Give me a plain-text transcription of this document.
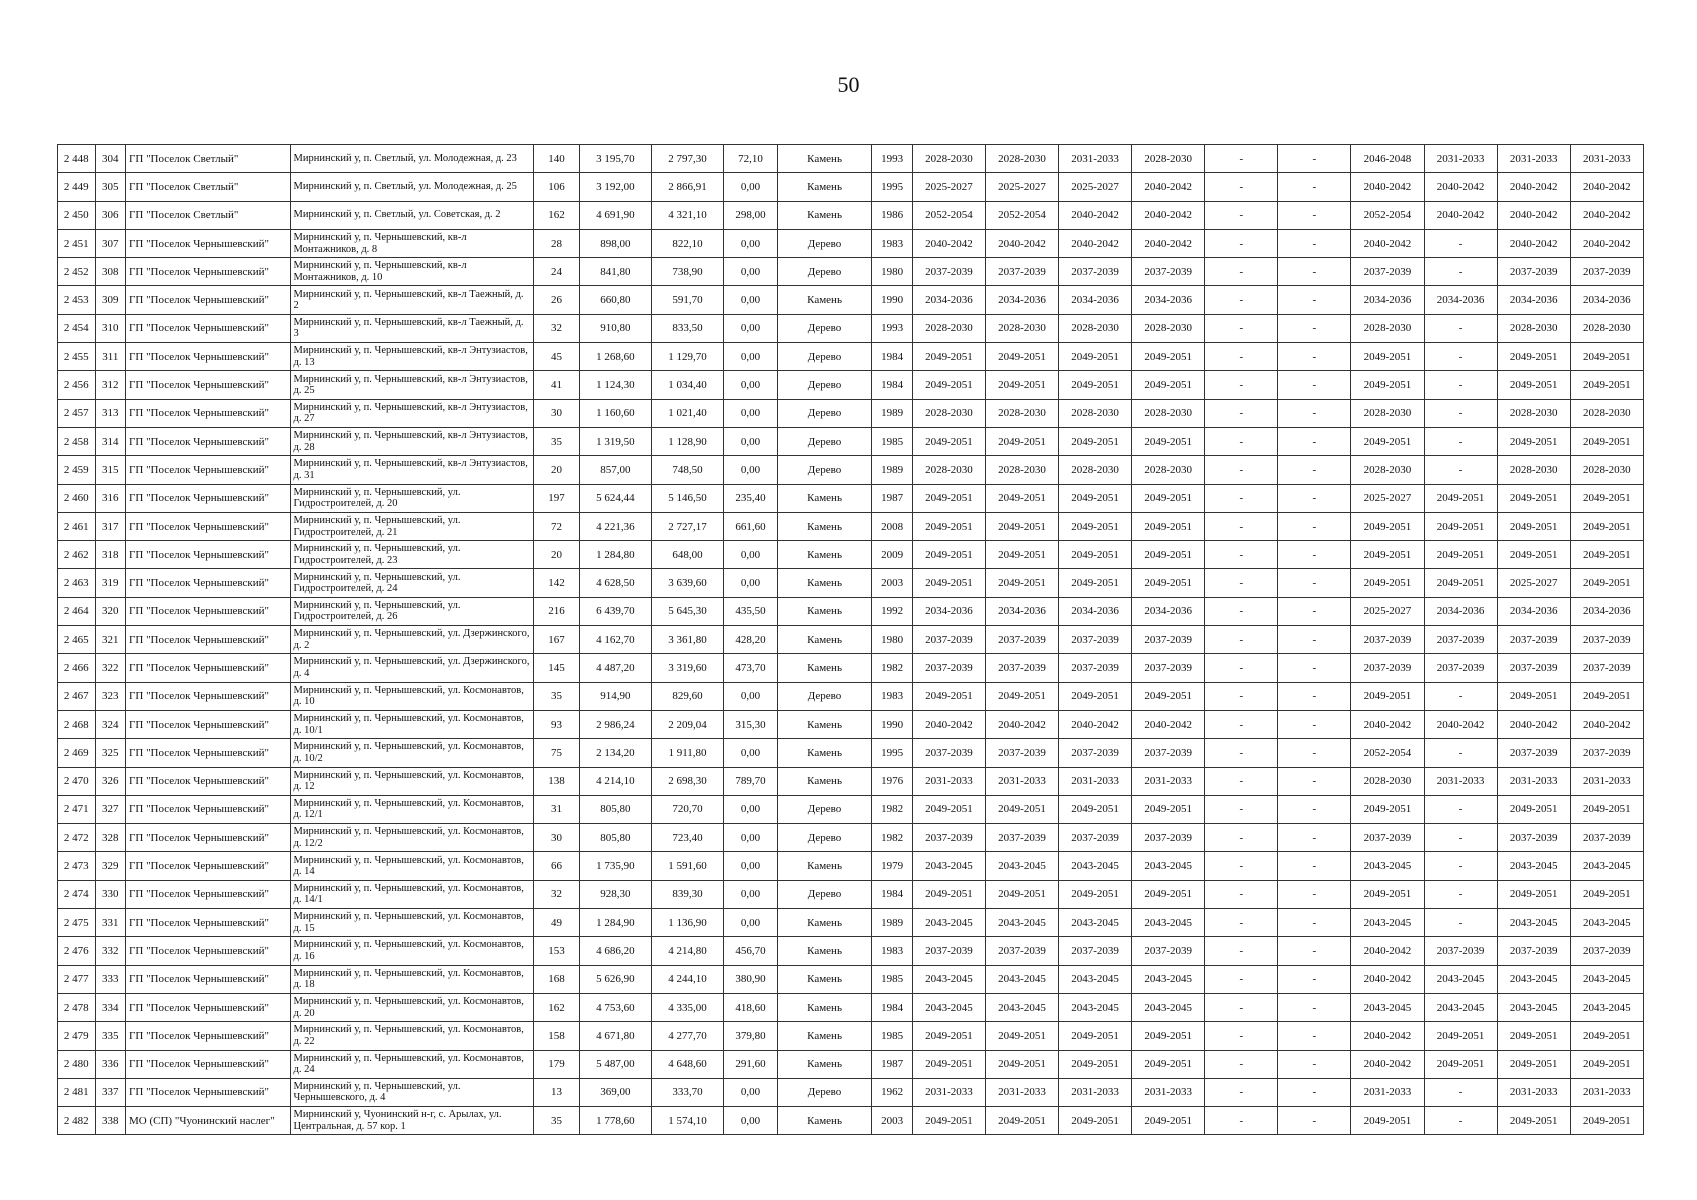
50
2 448	304	ГП "Поселок Светлый"	Мирнинский у, п. Светлый, ул. Молодежная, д. 23	140	3 195,70	2 797,30	72,10	Камень	1993	2028-2030	2028-2030	2031-2033	2028-2030	-	-	2046-2048	2031-2033	2031-2033	2031-2033
2 449	305	ГП "Поселок Светлый"	Мирнинский у, п. Светлый, ул. Молодежная, д. 25	106	3 192,00	2 866,91	0,00	Камень	1995	2025-2027	2025-2027	2025-2027	2040-2042	-	-	2040-2042	2040-2042	2040-2042	2040-2042
2 450	306	ГП "Поселок Светлый"	Мирнинский у, п. Светлый, ул. Советская, д. 2	162	4 691,90	4 321,10	298,00	Камень	1986	2052-2054	2052-2054	2040-2042	2040-2042	-	-	2052-2054	2040-2042	2040-2042	2040-2042
2 451	307	ГП "Поселок Чернышевский"	Мирнинский у, п. Чернышевский, кв-л Монтажников, д. 8	28	898,00	822,10	0,00	Дерево	1983	2040-2042	2040-2042	2040-2042	2040-2042	-	-	2040-2042	-	2040-2042	2040-2042
2 452	308	ГП "Поселок Чернышевский"	Мирнинский у, п. Чернышевский, кв-л Монтажников, д. 10	24	841,80	738,90	0,00	Дерево	1980	2037-2039	2037-2039	2037-2039	2037-2039	-	-	2037-2039	-	2037-2039	2037-2039
2 453	309	ГП "Поселок Чернышевский"	Мирнинский у, п. Чернышевский, кв-л Таежный, д. 2	26	660,80	591,70	0,00	Камень	1990	2034-2036	2034-2036	2034-2036	2034-2036	-	-	2034-2036	2034-2036	2034-2036	2034-2036
2 454	310	ГП "Поселок Чернышевский"	Мирнинский у, п. Чернышевский, кв-л Таежный, д. 3	32	910,80	833,50	0,00	Дерево	1993	2028-2030	2028-2030	2028-2030	2028-2030	-	-	2028-2030	-	2028-2030	2028-2030
2 455	311	ГП "Поселок Чернышевский"	Мирнинский у, п. Чернышевский, кв-л Энтузиастов, д. 13	45	1 268,60	1 129,70	0,00	Дерево	1984	2049-2051	2049-2051	2049-2051	2049-2051	-	-	2049-2051	-	2049-2051	2049-2051
2 456	312	ГП "Поселок Чернышевский"	Мирнинский у, п. Чернышевский, кв-л Энтузиастов, д. 25	41	1 124,30	1 034,40	0,00	Дерево	1984	2049-2051	2049-2051	2049-2051	2049-2051	-	-	2049-2051	-	2049-2051	2049-2051
2 457	313	ГП "Поселок Чернышевский"	Мирнинский у, п. Чернышевский, кв-л Энтузиастов, д. 27	30	1 160,60	1 021,40	0,00	Дерево	1989	2028-2030	2028-2030	2028-2030	2028-2030	-	-	2028-2030	-	2028-2030	2028-2030
2 458	314	ГП "Поселок Чернышевский"	Мирнинский у, п. Чернышевский, кв-л Энтузиастов, д. 28	35	1 319,50	1 128,90	0,00	Дерево	1985	2049-2051	2049-2051	2049-2051	2049-2051	-	-	2049-2051	-	2049-2051	2049-2051
2 459	315	ГП "Поселок Чернышевский"	Мирнинский у, п. Чернышевский, кв-л Энтузиастов, д. 31	20	857,00	748,50	0,00	Дерево	1989	2028-2030	2028-2030	2028-2030	2028-2030	-	-	2028-2030	-	2028-2030	2028-2030
2 460	316	ГП "Поселок Чернышевский"	Мирнинский у, п. Чернышевский, ул. Гидростроителей, д. 20	197	5 624,44	5 146,50	235,40	Камень	1987	2049-2051	2049-2051	2049-2051	2049-2051	-	-	2025-2027	2049-2051	2049-2051	2049-2051
2 461	317	ГП "Поселок Чернышевский"	Мирнинский у, п. Чернышевский, ул. Гидростроителей, д. 21	72	4 221,36	2 727,17	661,60	Камень	2008	2049-2051	2049-2051	2049-2051	2049-2051	-	-	2049-2051	2049-2051	2049-2051	2049-2051
2 462	318	ГП "Поселок Чернышевский"	Мирнинский у, п. Чернышевский, ул. Гидростроителей, д. 23	20	1 284,80	648,00	0,00	Камень	2009	2049-2051	2049-2051	2049-2051	2049-2051	-	-	2049-2051	2049-2051	2049-2051	2049-2051
2 463	319	ГП "Поселок Чернышевский"	Мирнинский у, п. Чернышевский, ул. Гидростроителей, д. 24	142	4 628,50	3 639,60	0,00	Камень	2003	2049-2051	2049-2051	2049-2051	2049-2051	-	-	2049-2051	2049-2051	2025-2027	2049-2051
2 464	320	ГП "Поселок Чернышевский"	Мирнинский у, п. Чернышевский, ул. Гидростроителей, д. 26	216	6 439,70	5 645,30	435,50	Камень	1992	2034-2036	2034-2036	2034-2036	2034-2036	-	-	2025-2027	2034-2036	2034-2036	2034-2036
2 465	321	ГП "Поселок Чернышевский"	Мирнинский у, п. Чернышевский, ул. Дзержинского, д. 2	167	4 162,70	3 361,80	428,20	Камень	1980	2037-2039	2037-2039	2037-2039	2037-2039	-	-	2037-2039	2037-2039	2037-2039	2037-2039
2 466	322	ГП "Поселок Чернышевский"	Мирнинский у, п. Чернышевский, ул. Дзержинского, д. 4	145	4 487,20	3 319,60	473,70	Камень	1982	2037-2039	2037-2039	2037-2039	2037-2039	-	-	2037-2039	2037-2039	2037-2039	2037-2039
2 467	323	ГП "Поселок Чернышевский"	Мирнинский у, п. Чернышевский, ул. Космонавтов, д. 10	35	914,90	829,60	0,00	Дерево	1983	2049-2051	2049-2051	2049-2051	2049-2051	-	-	2049-2051	-	2049-2051	2049-2051
2 468	324	ГП "Поселок Чернышевский"	Мирнинский у, п. Чернышевский, ул. Космонавтов, д. 10/1	93	2 986,24	2 209,04	315,30	Камень	1990	2040-2042	2040-2042	2040-2042	2040-2042	-	-	2040-2042	2040-2042	2040-2042	2040-2042
2 469	325	ГП "Поселок Чернышевский"	Мирнинский у, п. Чернышевский, ул. Космонавтов, д. 10/2	75	2 134,20	1 911,80	0,00	Камень	1995	2037-2039	2037-2039	2037-2039	2037-2039	-	-	2052-2054	-	2037-2039	2037-2039
2 470	326	ГП "Поселок Чернышевский"	Мирнинский у, п. Чернышевский, ул. Космонавтов, д. 12	138	4 214,10	2 698,30	789,70	Камень	1976	2031-2033	2031-2033	2031-2033	2031-2033	-	-	2028-2030	2031-2033	2031-2033	2031-2033
2 471	327	ГП "Поселок Чернышевский"	Мирнинский у, п. Чернышевский, ул. Космонавтов, д. 12/1	31	805,80	720,70	0,00	Дерево	1982	2049-2051	2049-2051	2049-2051	2049-2051	-	-	2049-2051	-	2049-2051	2049-2051
2 472	328	ГП "Поселок Чернышевский"	Мирнинский у, п. Чернышевский, ул. Космонавтов, д. 12/2	30	805,80	723,40	0,00	Дерево	1982	2037-2039	2037-2039	2037-2039	2037-2039	-	-	2037-2039	-	2037-2039	2037-2039
2 473	329	ГП "Поселок Чернышевский"	Мирнинский у, п. Чернышевский, ул. Космонавтов, д. 14	66	1 735,90	1 591,60	0,00	Камень	1979	2043-2045	2043-2045	2043-2045	2043-2045	-	-	2043-2045	-	2043-2045	2043-2045
2 474	330	ГП "Поселок Чернышевский"	Мирнинский у, п. Чернышевский, ул. Космонавтов, д. 14/1	32	928,30	839,30	0,00	Дерево	1984	2049-2051	2049-2051	2049-2051	2049-2051	-	-	2049-2051	-	2049-2051	2049-2051
2 475	331	ГП "Поселок Чернышевский"	Мирнинский у, п. Чернышевский, ул. Космонавтов, д. 15	49	1 284,90	1 136,90	0,00	Камень	1989	2043-2045	2043-2045	2043-2045	2043-2045	-	-	2043-2045	-	2043-2045	2043-2045
2 476	332	ГП "Поселок Чернышевский"	Мирнинский у, п. Чернышевский, ул. Космонавтов, д. 16	153	4 686,20	4 214,80	456,70	Камень	1983	2037-2039	2037-2039	2037-2039	2037-2039	-	-	2040-2042	2037-2039	2037-2039	2037-2039
2 477	333	ГП "Поселок Чернышевский"	Мирнинский у, п. Чернышевский, ул. Космонавтов, д. 18	168	5 626,90	4 244,10	380,90	Камень	1985	2043-2045	2043-2045	2043-2045	2043-2045	-	-	2040-2042	2043-2045	2043-2045	2043-2045
2 478	334	ГП "Поселок Чернышевский"	Мирнинский у, п. Чернышевский, ул. Космонавтов, д. 20	162	4 753,60	4 335,00	418,60	Камень	1984	2043-2045	2043-2045	2043-2045	2043-2045	-	-	2043-2045	2043-2045	2043-2045	2043-2045
2 479	335	ГП "Поселок Чернышевский"	Мирнинский у, п. Чернышевский, ул. Космонавтов, д. 22	158	4 671,80	4 277,70	379,80	Камень	1985	2049-2051	2049-2051	2049-2051	2049-2051	-	-	2040-2042	2049-2051	2049-2051	2049-2051
2 480	336	ГП "Поселок Чернышевский"	Мирнинский у, п. Чернышевский, ул. Космонавтов, д. 24	179	5 487,00	4 648,60	291,60	Камень	1987	2049-2051	2049-2051	2049-2051	2049-2051	-	-	2040-2042	2049-2051	2049-2051	2049-2051
2 481	337	ГП "Поселок Чернышевский"	Мирнинский у, п. Чернышевский, ул. Чернышевского, д. 4	13	369,00	333,70	0,00	Дерево	1962	2031-2033	2031-2033	2031-2033	2031-2033	-	-	2031-2033	-	2031-2033	2031-2033
2 482	338	МО (СП) "Чуонинский наслег"	Мирнинский у, Чуонинский н-г, с. Арылах, ул. Центральная, д. 57 кор. 1	35	1 778,60	1 574,10	0,00	Камень	2003	2049-2051	2049-2051	2049-2051	2049-2051	-	-	2049-2051	-	2049-2051	2049-2051
